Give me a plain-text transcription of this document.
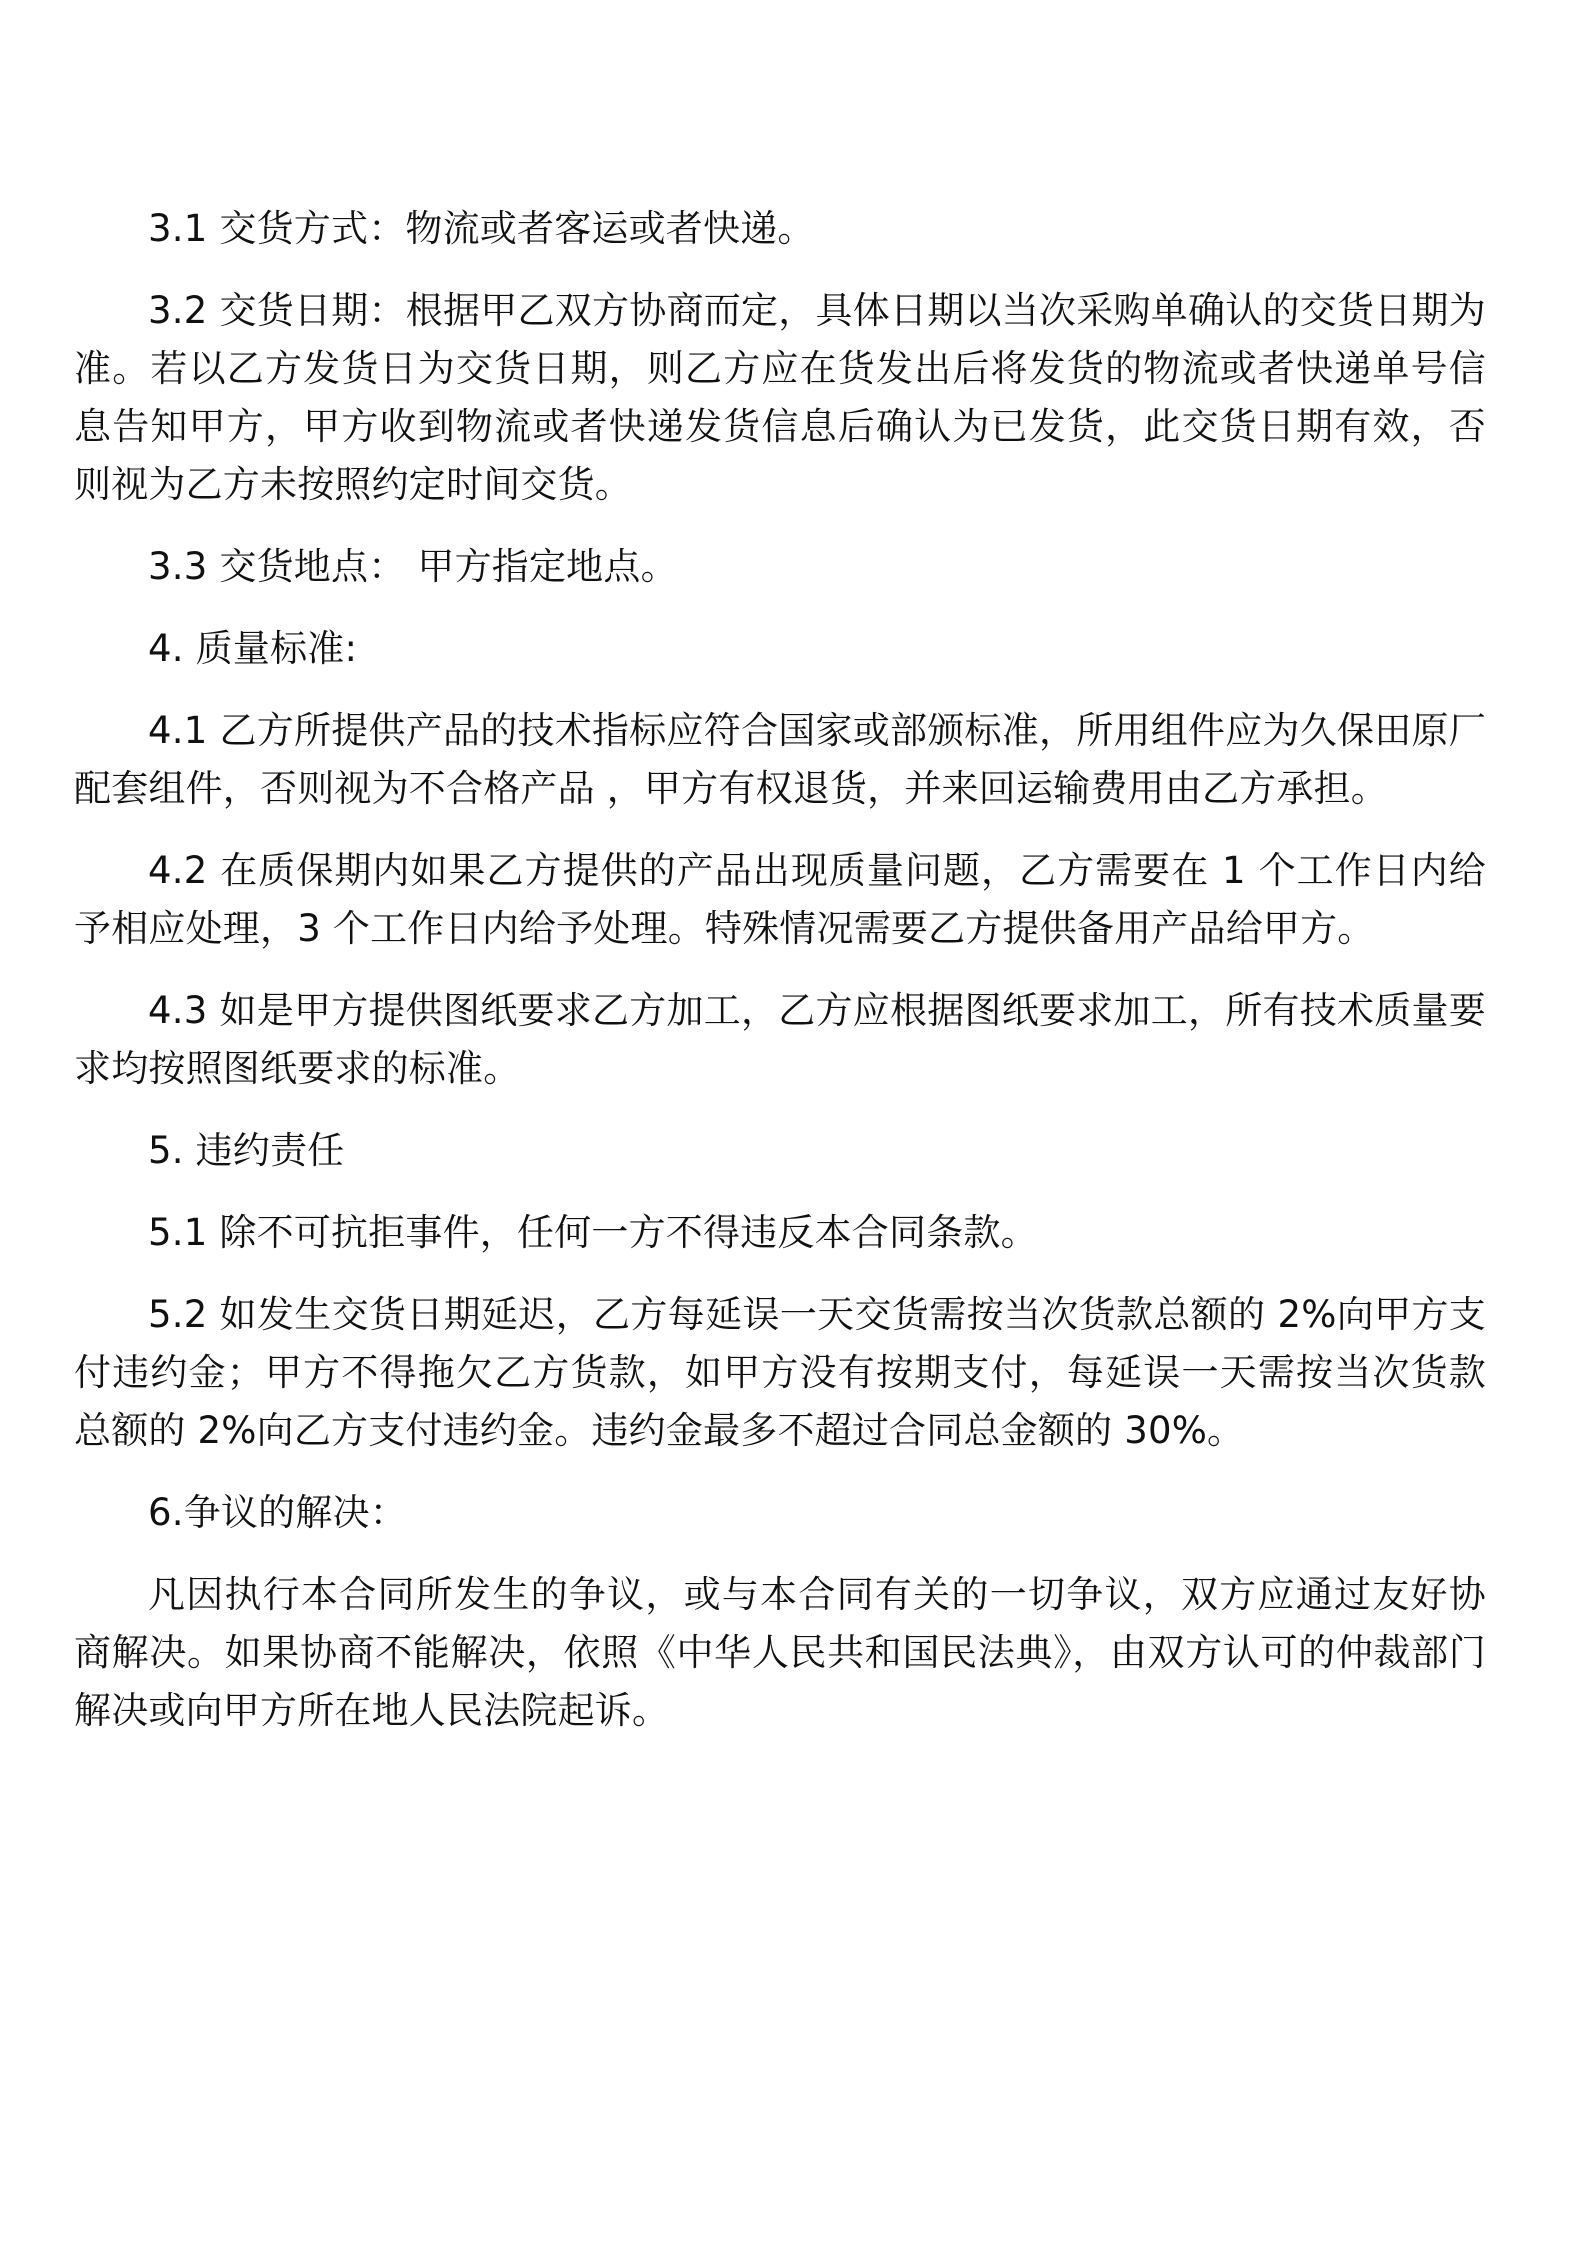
3.1 交货方式：物流或者客运或者快递。

3.2 交货日期：根据甲乙双方协商而定，具体日期以当次采购单确认的交货日期为准。若以乙方发货日为交货日期，则乙方应在货发出后将发货的物流或者快递单号信息告知甲方，甲方收到物流或者快递发货信息后确认为已发货，此交货日期有效，否则视为乙方未按照约定时间交货。

3.3 交货地点： 甲方指定地点。

4. 质量标准:

4.1 乙方所提供产品的技术指标应符合国家或部颁标准，所用组件应为久保田原厂配套组件，否则视为不合格产品 ，甲方有权退货，并来回运输费用由乙方承担。

4.2 在质保期内如果乙方提供的产品出现质量问题，乙方需要在 1 个工作日内给予相应处理，3 个工作日内给予处理。特殊情况需要乙方提供备用产品给甲方。

4.3 如是甲方提供图纸要求乙方加工，乙方应根据图纸要求加工，所有技术质量要求均按照图纸要求的标准。

5. 违约责任

5.1 除不可抗拒事件，任何一方不得违反本合同条款。

5.2 如发生交货日期延迟，乙方每延误一天交货需按当次货款总额的 2%向甲方支付违约金；甲方不得拖欠乙方货款，如甲方没有按期支付，每延误一天需按当次货款总额的 2%向乙方支付违约金。违约金最多不超过合同总金额的 30%。

6.争议的解决：

凡因执行本合同所发生的争议，或与本合同有关的一切争议，双方应通过友好协商解决。如果协商不能解决，依照《中华人民共和国民法典》，由双方认可的仲裁部门解决或向甲方所在地人民法院起诉。
